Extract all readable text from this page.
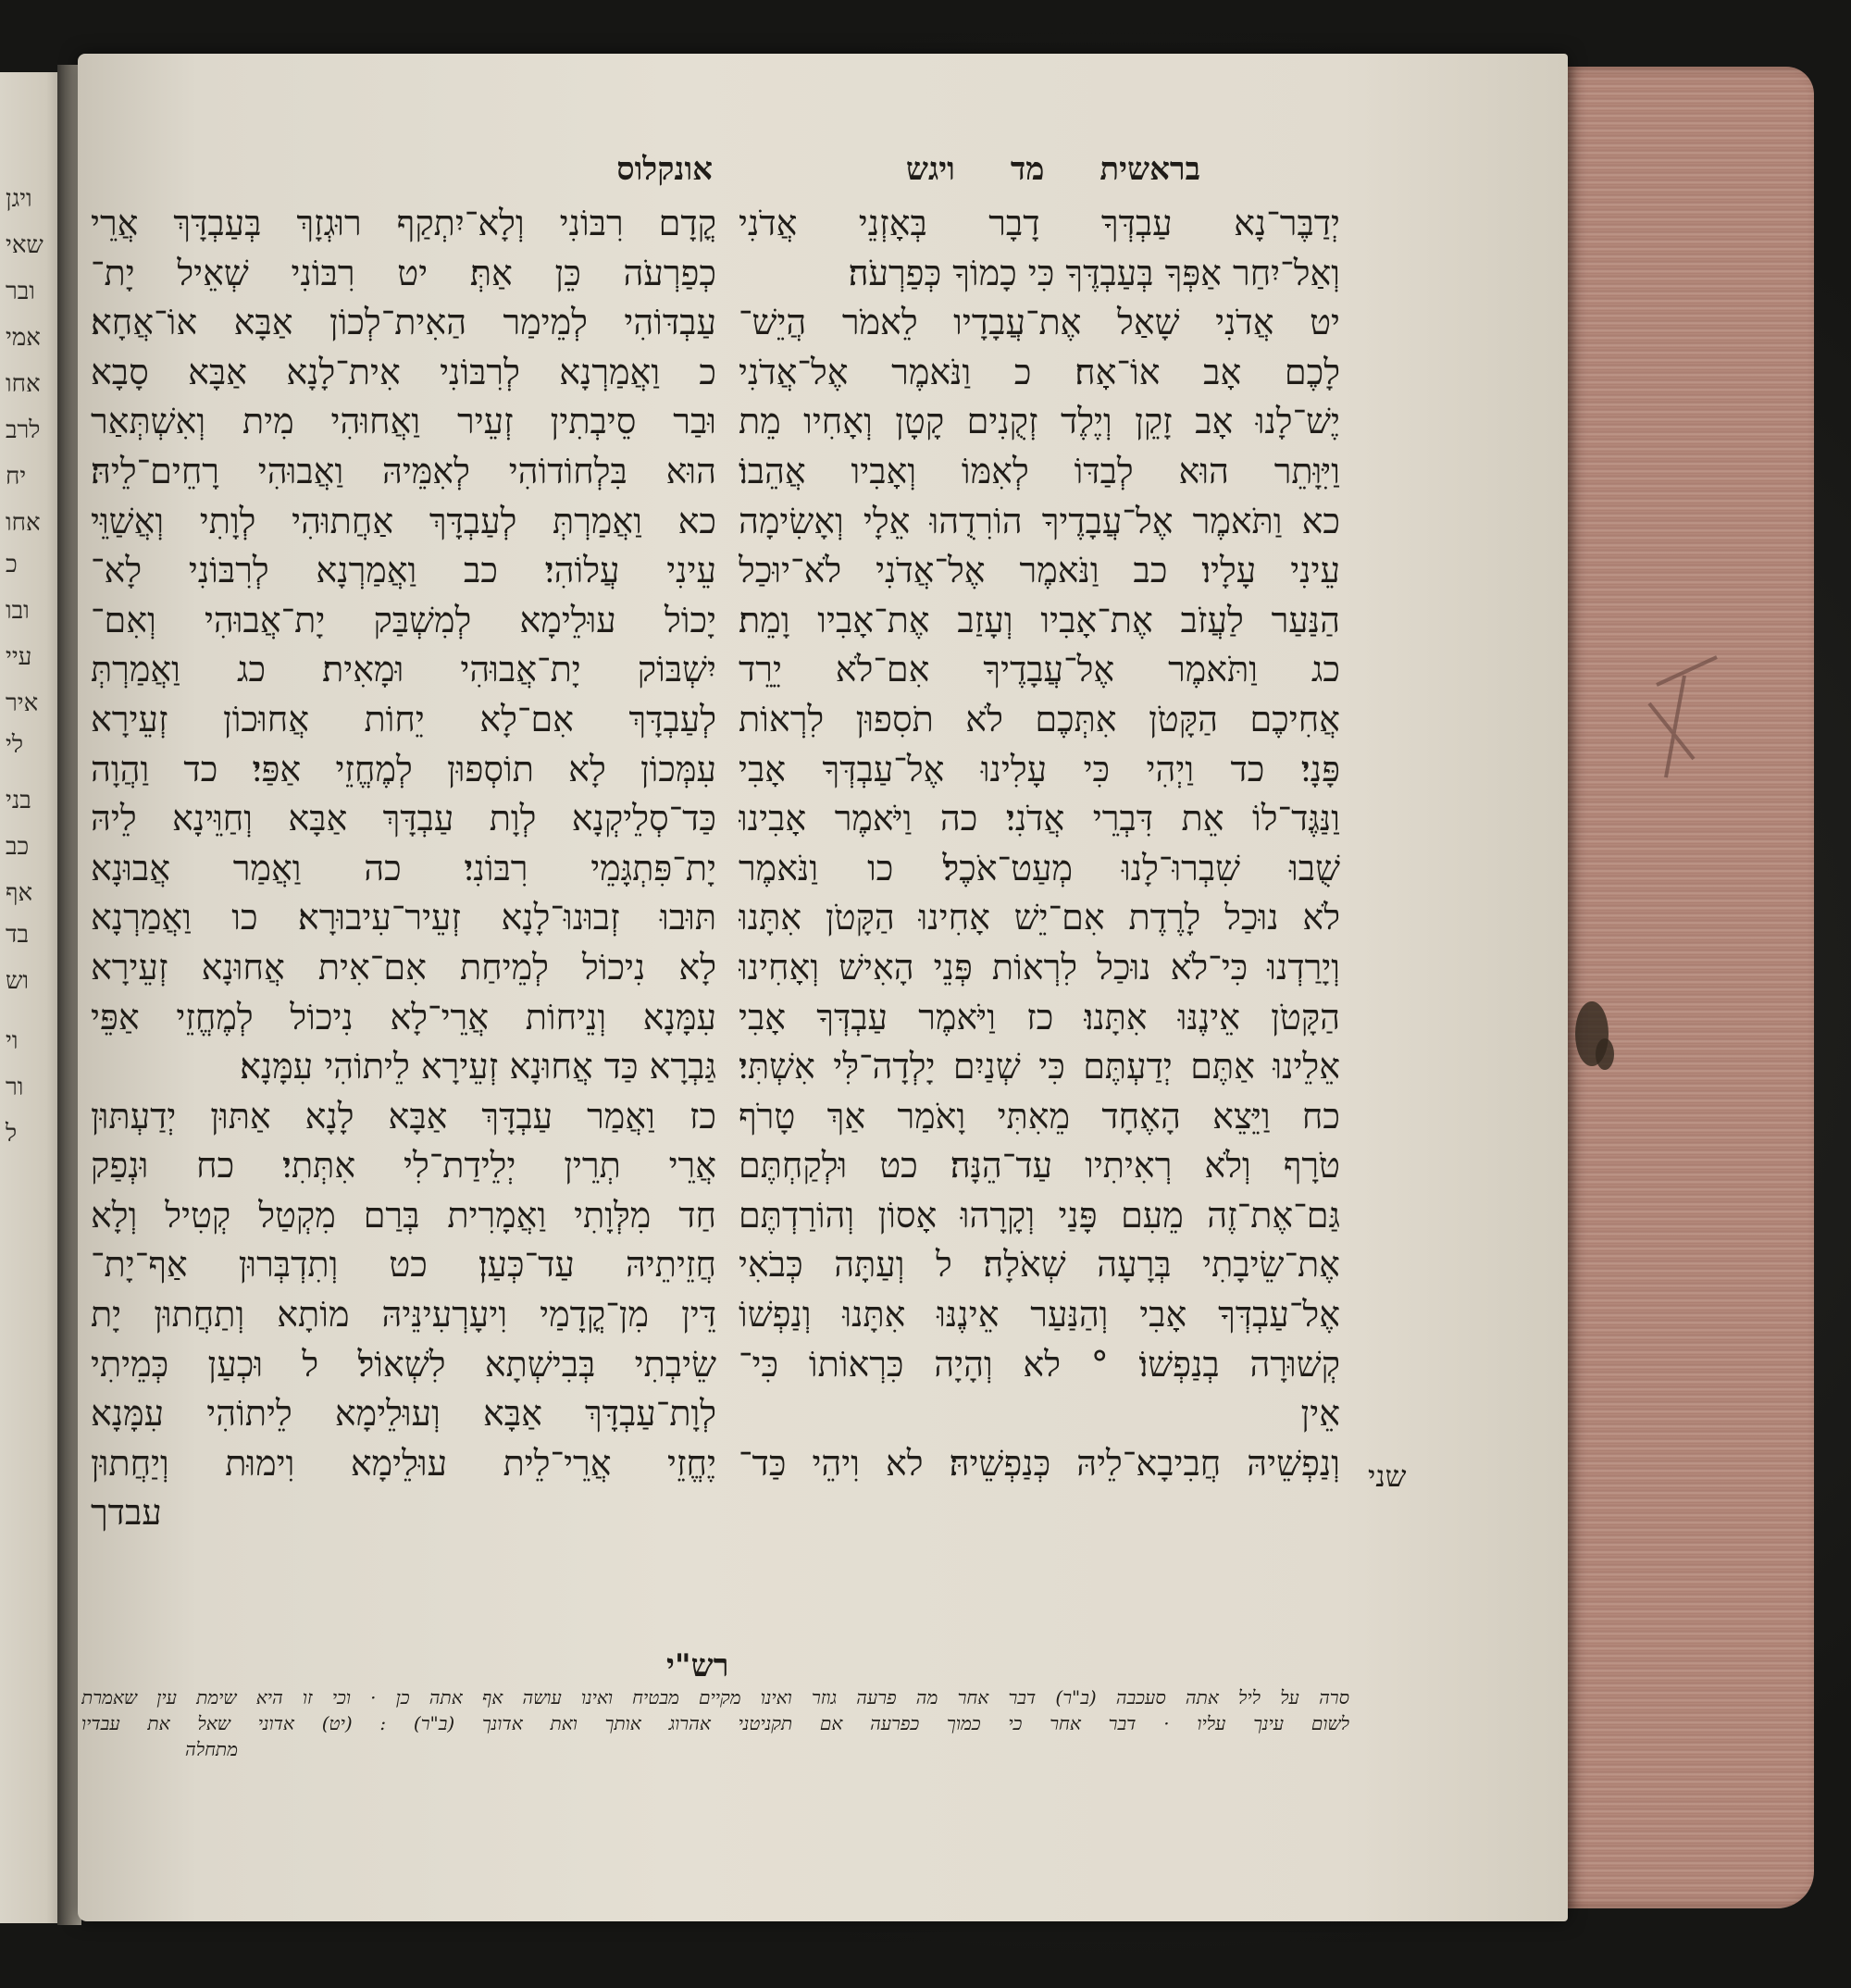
ויגן
שאי
ובר
אמי
אחו
לרב
יח
אחו
כ
ובו
עיי
איר
לי
בני
כב
אף
בד
וש
וי
ור
ל
בראשיתמדויגש
אונקלוס
יְדַבֶּר־נָא עַבְדְּךָ דָבָר בְּאָזְנֵי אֲדֹנִי
וְאַל־יִחַר אַפְּךָ בְּעַבְדֶּךָ כִּי כָמוֹךָ כְּפַרְעֹה׃
יט אֲדֹנִי שָׁאַל אֶת־עֲבָדָיו לֵאמֹר הֲיֵשׁ־
לָכֶם אָב אוֹ־אָח׃ כ וַנֹּאמֶר אֶל־אֲדֹנִי
יֶשׁ־לָנוּ אָב זָקֵן וְיֶלֶד זְקֻנִים קָטָן וְאָחִיו מֵת
וַיִּוָּתֵר הוּא לְבַדּוֹ לְאִמּוֹ וְאָבִיו אֲהֵבוֹ׃
כא וַתֹּאמֶר אֶל־עֲבָדֶיךָ הוֹרִדֻהוּ אֵלָי וְאָשִׂימָה
עֵינִי עָלָיו׃ כב וַנֹּאמֶר אֶל־אֲדֹנִי לֹא־יוּכַל
הַנַּעַר לַעֲזֹב אֶת־אָבִיו וְעָזַב אֶת־אָבִיו וָמֵת׃
כג וַתֹּאמֶר אֶל־עֲבָדֶיךָ אִם־לֹא יֵרֵד
אֲחִיכֶם הַקָּטֹן אִתְּכֶם לֹא תֹסִפוּן לִרְאוֹת
פָּנָי׃ כד וַיְהִי כִּי עָלִינוּ אֶל־עַבְדְּךָ אָבִי
וַנַּגֶּד־לוֹ אֵת דִּבְרֵי אֲדֹנִי׃ כה וַיֹּאמֶר אָבִינוּ
שֻׁבוּ שִׁבְרוּ־לָנוּ מְעַט־אֹכֶל׃ כו וַנֹּאמֶר
לֹא נוּכַל לָרֶדֶת אִם־יֵשׁ אָחִינוּ הַקָּטֹן אִתָּנוּ
וְיָרַדְנוּ כִּי־לֹא נוּכַל לִרְאוֹת פְּנֵי הָאִישׁ וְאָחִינוּ
הַקָּטֹן אֵינֶנּוּ אִתָּנוּ׃ כז וַיֹּאמֶר עַבְדְּךָ אָבִי
אֵלֵינוּ אַתֶּם יְדַעְתֶּם כִּי שְׁנַיִם יָלְדָה־לִּי אִשְׁתִּי׃
כח וַיֵּצֵא הָאֶחָד מֵאִתִּי וָאֹמַר אַךְ טָרֹף
טֹרָף וְלֹא רְאִיתִיו עַד־הֵנָּה׃ כט וּלְקַחְתֶּם
גַּם־אֶת־זֶה מֵעִם פָּנַי וְקָרָהוּ אָסוֹן וְהוֹרַדְתֶּם
אֶת־שֵׂיבָתִי בְּרָעָה שְׁאֹלָה׃ ל וְעַתָּה כְּבֹאִי
אֶל־עַבְדְּךָ אָבִי וְהַנַּעַר אֵינֶנּוּ אִתָּנוּ וְנַפְשׁוֹ
קְשׁוּרָה בְנַפְשׁוֹ׃ ° לא וְהָיָה כִּרְאוֹתוֹ כִּי־
אֵין
וְנַפְשֵׁיהּ חֲבִיבָא־לֵיהּ כְּנַפְשֵׁיהּ׃ לא וִיהֵי כַּד־
קֳדָם רִבּוֹנִי וְלָא־יִתְקַף רוּגְזָךְ בְּעַבְדָּךְ אֲרֵי
כְפַרְעֹה כֵּן אַתְּ׃ יט רִבּוֹנִי שְׁאֵיל יָת־
עַבְדּוֹהִי לְמֵימַר הַאִית־לְכוֹן אַבָּא אוֹ־אֲחָא׃
כ וַאֲמַרְנָא לְרִבּוֹנִי אִית־לָנָא אַבָּא סָבָא
וּבַר סֵיבְתִין זְעֵיר וַאֲחוּהִי מִית וְאִשְׁתְּאַר
הוּא בִּלְחוֹדוֹהִי לְאִמֵּיהּ וַאֲבוּהִי רָחֵים־לֵיהּ׃
כא וַאֲמַרְתְּ לְעַבְדָּךְ אַחֲתוּהִי לְוָתִי וְאֲשַׁוֵּי
עֵינִי עֲלוֹהִי׃ כב וַאֲמַרְנָא לְרִבּוֹנִי לָא־
יָכוֹל עוּלֵימָא לְמִשְׁבַּק יָת־אֲבוּהִי וְאִם־
יִשְׁבּוֹק יָת־אֲבוּהִי וּמָאִית׃ כג וַאֲמַרְתְּ
לְעַבְדָּךְ אִם־לָא יֵחוֹת אֲחוּכוֹן זְעֵירָא
עִמְּכוֹן לָא תוֹסְפוּן לְמֶחֱזֵי אַפַּי׃ כד וַהֲוָה
כַּד־סְלֵיקְנָא לְוָת עַבְדָּךְ אַבָּא וְחַוֵּינָא לֵיהּ
יָת־פִּתְגָּמֵי רִבּוֹנִי׃ כה וַאֲמַר אֲבוּנָא
תּוּבוּ זְבוּנוּ־לָנָא זְעֵיר־עִיבוּרָא׃ כו וַאֲמַרְנָא
לָא נִיכוֹל לְמֵיחַת אִם־אִית אֲחוּנָא זְעֵירָא
עִמָּנָא וְנֵיחוֹת אֲרֵי־לָא נִיכוֹל לְמֶחֱזֵי אַפֵּי
גַּבְרָא כַּד אֲחוּנָא זְעֵירָא לֵיתוֹהִי עִמָּנָא׃
כז וַאֲמַר עַבְדָּךְ אַבָּא לָנָא אַתּוּן יְדַעְתּוּן
אֲרֵי תְרֵין יְלֵידַת־לִי אִתְּתִי׃ כח וּנְפַק
חַד מִלְּוָתִי וַאֲמָרִית בְּרַם מִקְטַל קְטִיל וְלָא
חֲזֵיתֵיהּ עַד־כְּעַן׃ כט וְתִדְבְּרוּן אַף־יָת־
דֵּין מִן־קֳדָמַי וִיעָרְעִינֵּיהּ מוֹתָא וְתַחֲתוּן יָת
שֵׂיבְתִי בְּבִישְׁתָא לִשְׁאוֹל׃ ל וּכְעַן כְּמֵיתִי
לְוָת־עַבְדָּךְ אַבָּא וְעוּלֵימָא לֵיתוֹהִי עִמָּנָא
יֶחֱזֵי אֲרֵי־לֵית עוּלֵימָא וִימוּת וְיַחֲתוּן
עבדך
שני
רש"י
סרה על ליל אתה סעכבה (ב"ר) דבר אחר מה פרעה גוזר ואינו מקיים מבטיח ואינו עושה אף אתה כן · וכי זו היא שימת עין שאמרת
לשום עינך עליו · דבר אחר כי כמוך כפרעה אם תקניטני אהרוג אותך ואת אדונך (ב"ר) : (יט) אדוני שאל את עבדיו
מתחלה
